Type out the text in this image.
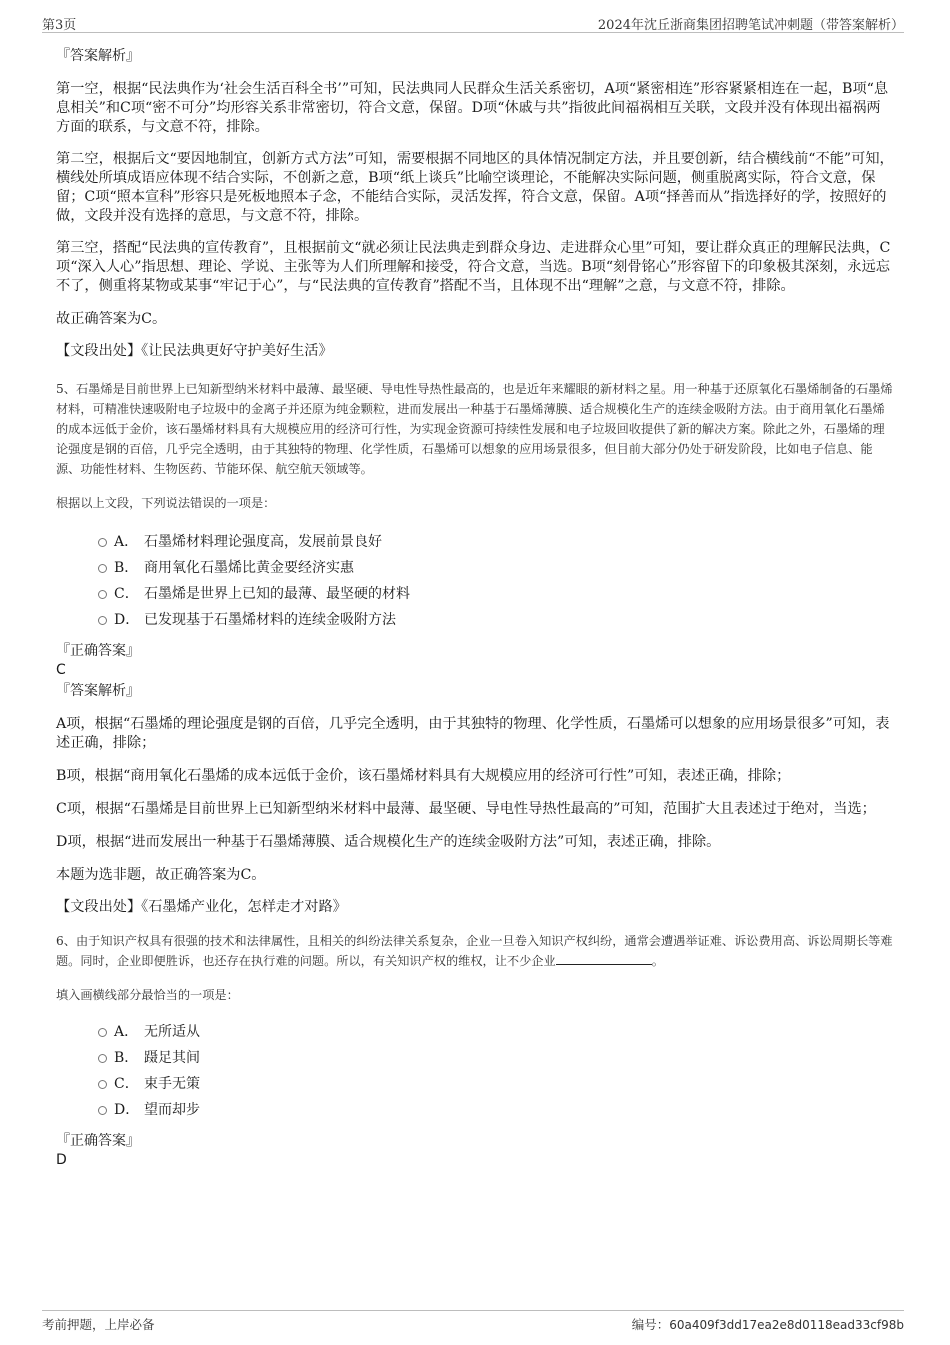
第3页	2024年沈丘浙商集团招聘笔试冲刺题（带答案解析）

『答案解析』

第一空，根据“民法典作为‘社会生活百科全书’”可知，民法典同人民群众生活关系密切，A项“紧密相连”形容紧紧相连在一起，B项“息息相关”和C项“密不可分”均形容关系非常密切，符合文意，保留。D项“休戚与共”指彼此间福祸相互关联，文段并没有体现出福祸两方面的联系，与文意不符，排除。

第二空，根据后文“要因地制宜，创新方式方法”可知，需要根据不同地区的具体情况制定方法，并且要创新，结合横线前“不能”可知，横线处所填成语应体现不结合实际，不创新之意，B项“纸上谈兵”比喻空谈理论，不能解决实际问题，侧重脱离实际，符合文意，保留；C项“照本宣科”形容只是死板地照本子念，不能结合实际，灵活发挥，符合文意，保留。A项“择善而从”指选择好的学，按照好的做，文段并没有选择的意思，与文意不符，排除。

第三空，搭配“民法典的宣传教育”，且根据前文“就必须让民法典走到群众身边、走进群众心里”可知，要让群众真正的理解民法典，C项“深入人心”指思想、理论、学说、主张等为人们所理解和接受，符合文意，当选。B项“刻骨铭心”形容留下的印象极其深刻，永远忘不了，侧重将某物或某事“牢记于心”，与“民法典的宣传教育”搭配不当，且体现不出“理解”之意，与文意不符，排除。

故正确答案为C。

【文段出处】《让民法典更好守护美好生活》

5、石墨烯是目前世界上已知新型纳米材料中最薄、最坚硬、导电性导热性最高的，也是近年来耀眼的新材料之星。用一种基于还原氧化石墨烯制备的石墨烯材料，可精准快速吸附电子垃圾中的金离子并还原为纯金颗粒，进而发展出一种基于石墨烯薄膜、适合规模化生产的连续金吸附方法。由于商用氧化石墨烯的成本远低于金价，该石墨烯材料具有大规模应用的经济可行性，为实现金资源可持续性发展和电子垃圾回收提供了新的解决方案。除此之外，石墨烯的理论强度是钢的百倍，几乎完全透明，由于其独特的物理、化学性质，石墨烯可以想象的应用场景很多，但目前大部分仍处于研发阶段，比如电子信息、能源、功能性材料、生物医药、节能环保、航空航天领域等。

根据以上文段，下列说法错误的一项是：

A． 石墨烯材料理论强度高，发展前景良好
B． 商用氧化石墨烯比黄金要经济实惠
C． 石墨烯是世界上已知的最薄、最坚硬的材料
D． 已发现基于石墨烯材料的连续金吸附方法

『正确答案』

C

『答案解析』

A项，根据“石墨烯的理论强度是钢的百倍，几乎完全透明，由于其独特的物理、化学性质，石墨烯可以想象的应用场景很多”可知，表述正确，排除；

B项，根据“商用氧化石墨烯的成本远低于金价，该石墨烯材料具有大规模应用的经济可行性”可知，表述正确，排除；

C项，根据“石墨烯是目前世界上已知新型纳米材料中最薄、最坚硬、导电性导热性最高的”可知，范围扩大且表述过于绝对，当选；

D项，根据“进而发展出一种基于石墨烯薄膜、适合规模化生产的连续金吸附方法”可知，表述正确，排除。

本题为选非题，故正确答案为C。

【文段出处】《石墨烯产业化，怎样走才对路》

6、由于知识产权具有很强的技术和法律属性，且相关的纠纷法律关系复杂，企业一旦卷入知识产权纠纷，通常会遭遇举证难、诉讼费用高、诉讼周期长等难题。同时，企业即便胜诉，也还存在执行难的问题。所以，有关知识产权的维权，让不少企业	。

填入画横线部分最恰当的一项是：

A． 无所适从
B． 蹑足其间
C． 束手无策
D． 望而却步

『正确答案』

D

考前押题，上岸必备	编号：60a409f3dd17ea2e8d0118ead33cf98b
